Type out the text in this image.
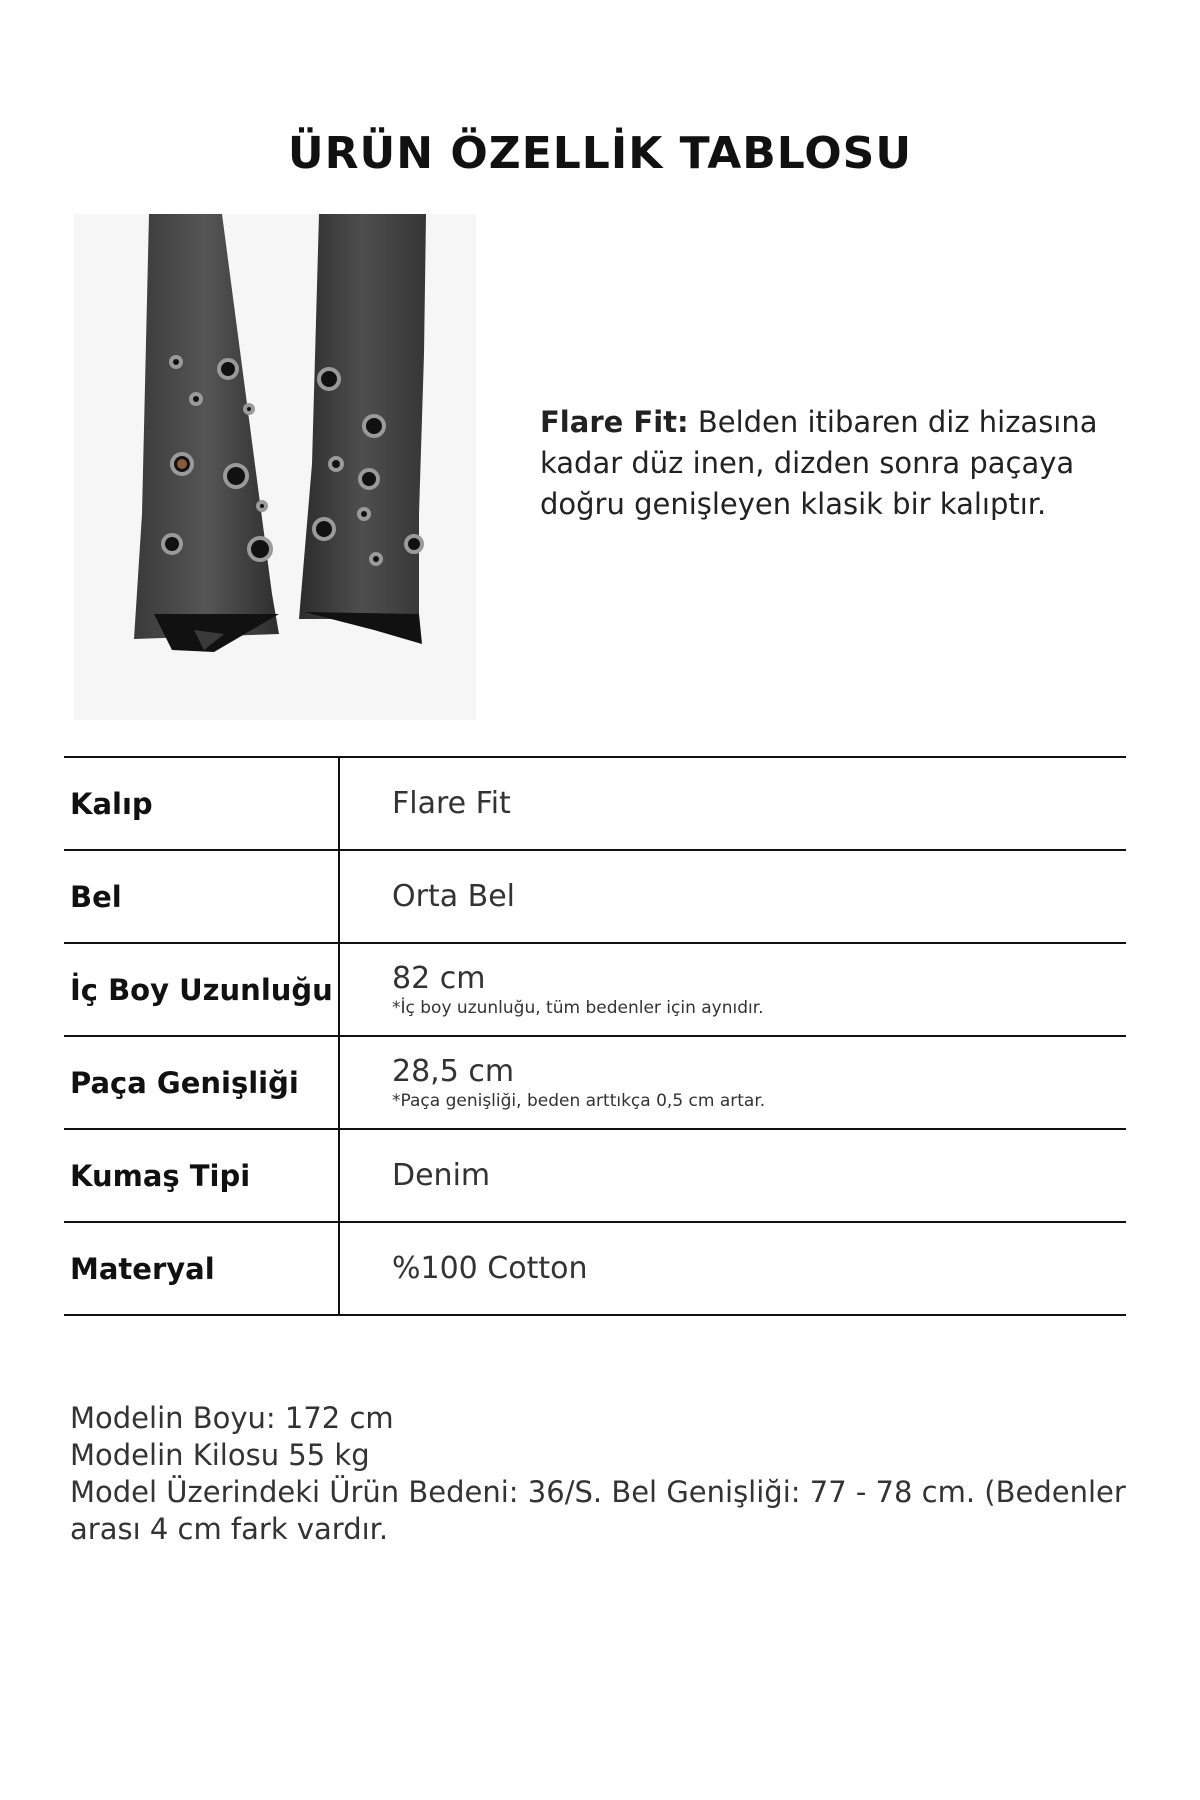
ÜRÜN ÖZELLİK TABLOSU
Flare Fit: Belden itibaren diz hizasına kadar düz inen, dizden sonra paçaya doğru genişleyen klasik bir kalıptır.
Kalıp	Flare Fit
Bel	Orta Bel
İç Boy Uzunluğu	82 cm
*İç boy uzunluğu, tüm bedenler için aynıdır.

Paça Genişliği	28,5 cm
*Paça genişliği, beden arttıkça 0,5 cm artar.

Kumaş Tipi	Denim
Materyal	%100 Cotton
Modelin Boyu: 172 cm
Modelin Kilosu 55 kg
Model Üzerindeki Ürün Bedeni: 36/S. Bel Genişliği: 77 - 78 cm. (Bedenler arası 4 cm fark vardır.
